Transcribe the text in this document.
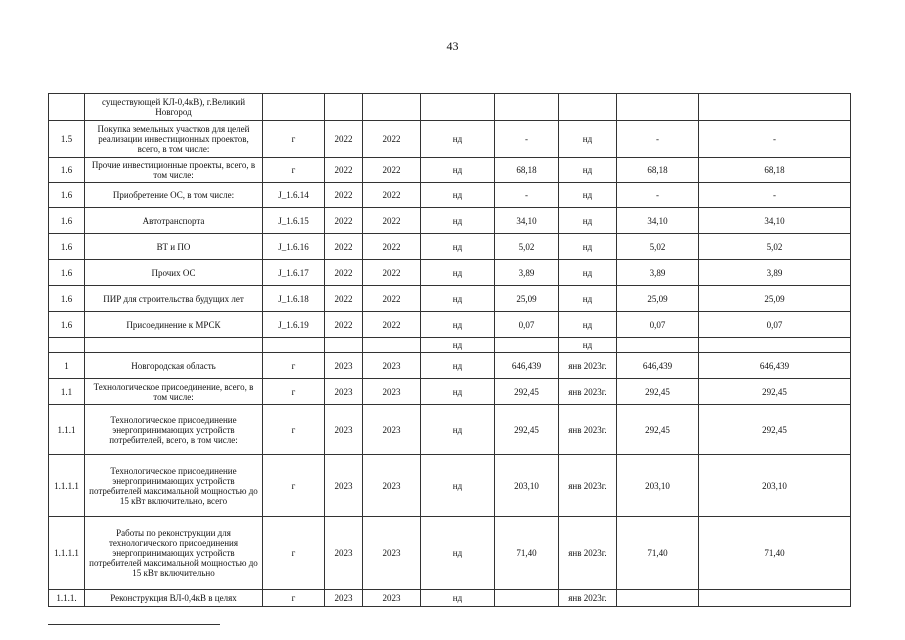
43
	существующей КЛ-0,4кВ), г.Великий Новгород								
1.5	Покупка земельных участков для целей реализации инвестиционных проектов, всего, в том числе:	г	2022	2022	нд	-	нд	-	-
1.6	Прочие инвестиционные проекты, всего, в том числе:	г	2022	2022	нд	68,18	нд	68,18	68,18
1.6	Приобретение ОС, в том числе:	J_1.6.14	2022	2022	нд	-	нд	-	-
1.6	Автотранспорта	J_1.6.15	2022	2022	нд	34,10	нд	34,10	34,10
1.6	ВТ и ПО	J_1.6.16	2022	2022	нд	5,02	нд	5,02	5,02
1.6	Прочих ОС	J_1.6.17	2022	2022	нд	3,89	нд	3,89	3,89
1.6	ПИР для строительства будущих лет	J_1.6.18	2022	2022	нд	25,09	нд	25,09	25,09
1.6	Присоединение к МРСК	J_1.6.19	2022	2022	нд	0,07	нд	0,07	0,07
					нд		нд		
1	Новгородская область	г	2023	2023	нд	646,439	янв 2023г.	646,439	646,439
1.1	Технологическое присоединение, всего, в том числе:	г	2023	2023	нд	292,45	янв 2023г.	292,45	292,45
1.1.1	Технологическое присоединение энергопринимающих устройств потребителей, всего, в том числе:	г	2023	2023	нд	292,45	янв 2023г.	292,45	292,45
1.1.1.1	Технологическое присоединение энергопринимающих устройств потребителей максимальной мощностью до 15 кВт включительно, всего	г	2023	2023	нд	203,10	янв 2023г.	203,10	203,10
1.1.1.1	Работы по реконструкции для технологического присоединения энергопринимающих устройств потребителей максимальной мощностью до 15 кВт включительно	г	2023	2023	нд	71,40	янв 2023г.	71,40	71,40
1.1.1.	Реконструкция ВЛ-0,4кВ в целях	г	2023	2023	нд		янв 2023г.		
